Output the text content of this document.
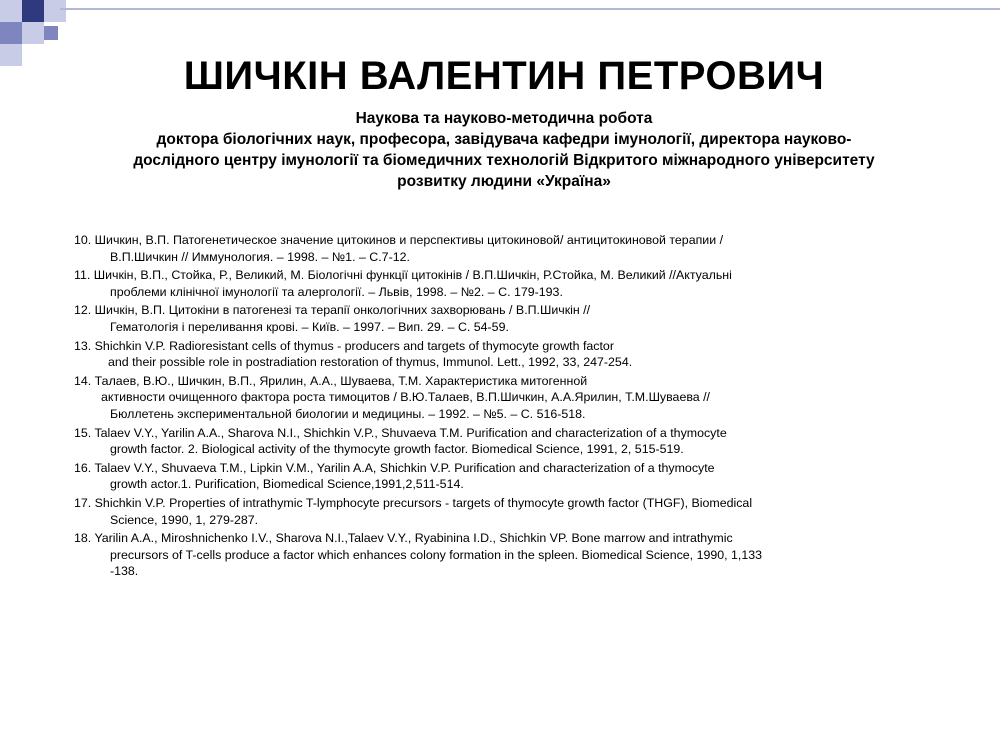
ШИЧКІН ВАЛЕНТИН ПЕТРОВИЧ
Наукова та науково-методична робота
доктора біологічних наук, професора, завідувача кафедри імунології, директора науково-
дослідного центру імунології та біомедичних технологій Відкритого міжнародного університету
розвитку людини «Україна»
10. Шичкин, В.П. Патогенетическое значение цитокинов и перспективы цитокиновой/ антицитокиновой терапии /
В.П.Шичкин // Иммунология. – 1998. – №1. – С.7-12.
11. Шичкін, В.П., Стойка, Р., Великий, М. Біологічні функції цитокінів / В.П.Шичкін, Р.Стойка, М. Великий //Актуальні
проблеми клінічної імунології та алергології. – Львів, 1998. – №2. – С. 179-193.
12. Шичкін, В.П. Цитокіни в патогенезі та терапії онкологічних захворювань / В.П.Шичкін //
Гематологія і переливання крові. – Київ. – 1997. – Вип. 29. – С. 54-59.
13. Shichkin V.P. Radioresistant cells of thymus - producers and targets of thymocyte growth factor
and their possible role in postradiation restoration of thymus, Immunol. Lett., 1992, 33, 247-254.
14. Талаев, В.Ю., Шичкин, В.П., Ярилин, А.А., Шуваева, Т.М. Характеристика митогенной
активности очищенного фактора роста тимоцитов / В.Ю.Талаев, В.П.Шичкин, А.А.Ярилин, Т.М.Шуваева //
Бюллетень экспериментальной биологии и медицины. – 1992. – №5. – С. 516-518.
15. Talaev V.Y., Yarilin A.A., Sharova N.I., Shichkin V.P., Shuvaeva T.M. Purification and characterization of a thymocyte
growth factor. 2. Biological activity of the thymocyte growth factor. Biomedical Science, 1991, 2, 515-519.
16. Talaev V.Y., Shuvaeva T.M., Lipkin V.M., Yarilin A.A, Shichkin V.P. Purification and characterization of a thymocyte
growth actor.1. Purification, Biomedical Science,1991,2,511-514.
17. Shichkin V.P. Properties of intrathymic T-lymphocyte precursors - targets of thymocyte growth factor (THGF), Biomedical
Science, 1990, 1, 279-287.
18. Yarilin A.A., Miroshnichenko I.V., Sharova N.I.,Talaev V.Y., Ryabinina I.D., Shichkin VP. Bone marrow and intrathymic
precursors of T-cells produce a factor which enhances colony formation in the spleen. Biomedical Science, 1990, 1,133
-138.
